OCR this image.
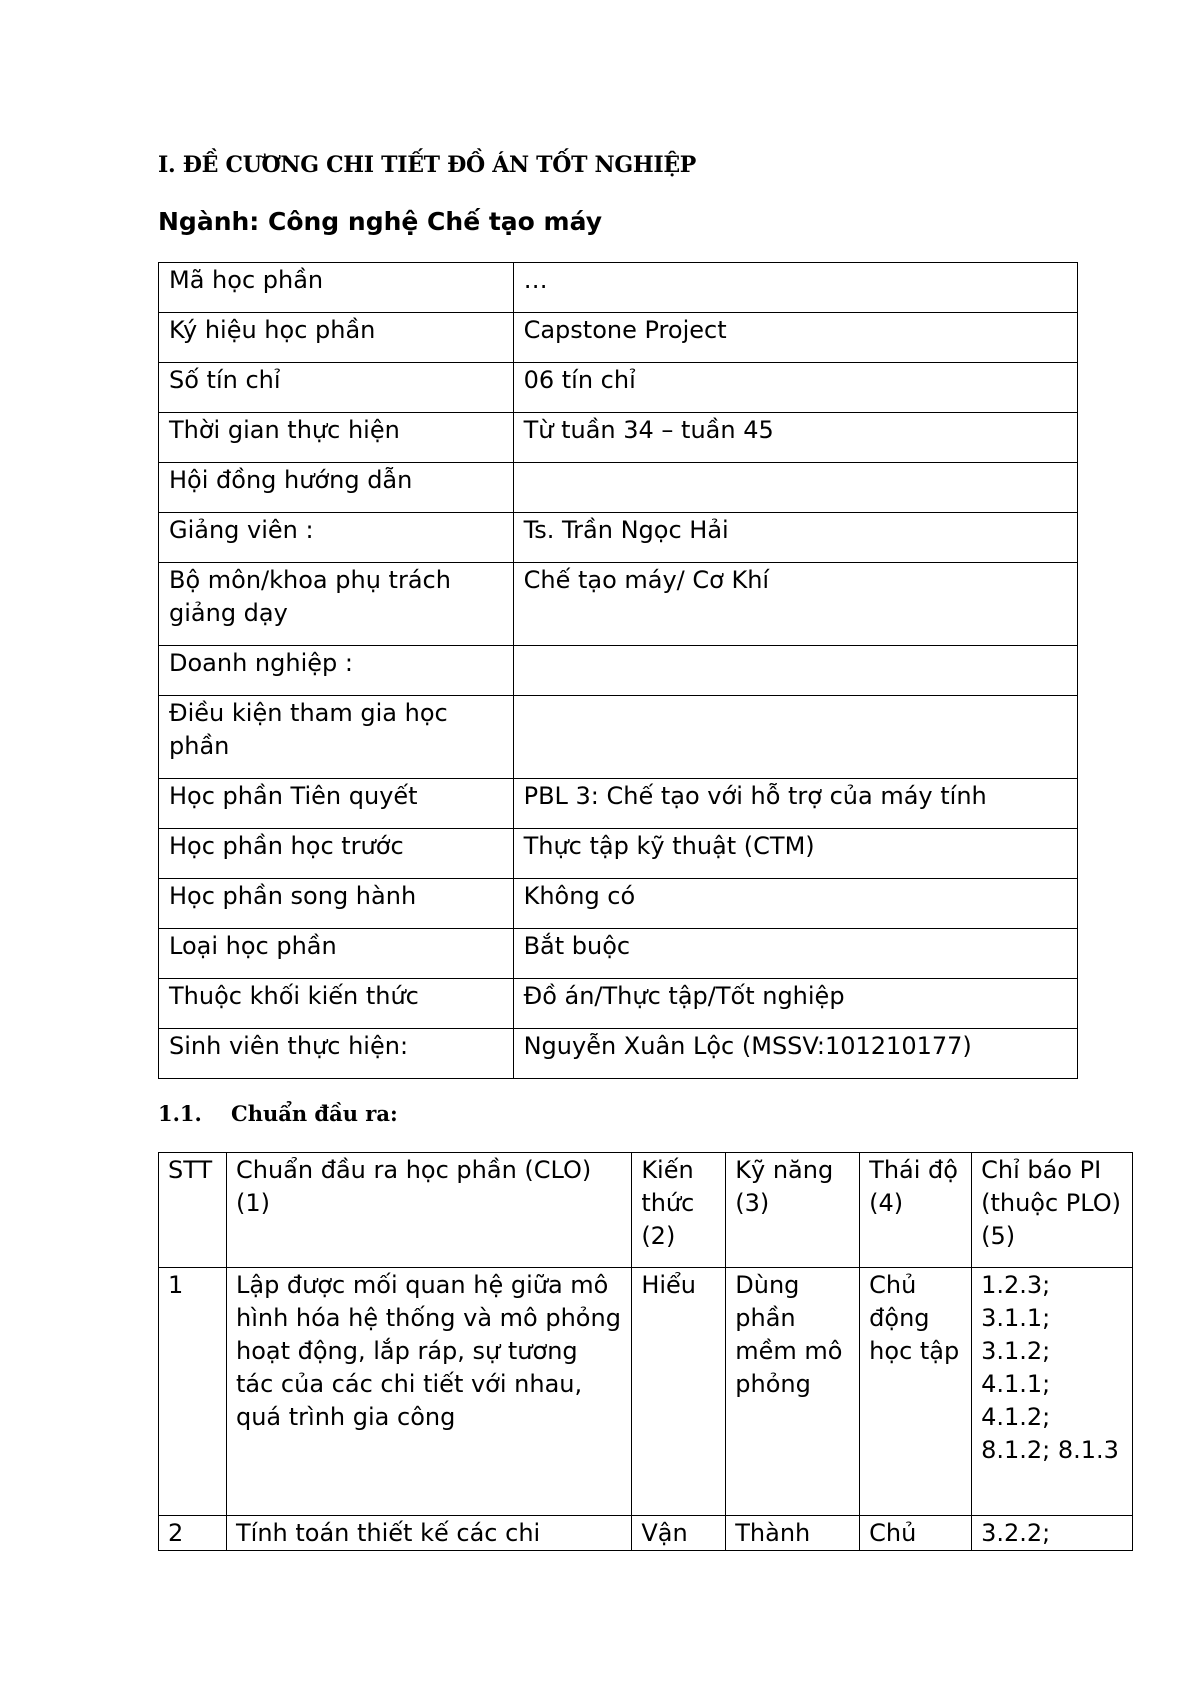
I. ĐỀ CƯƠNG CHI TIẾT ĐỒ ÁN TỐT NGHIỆP
Ngành: Công nghệ Chế tạo máy
Mã học phần	…
Ký hiệu học phần	Capstone Project
Số tín chỉ	06 tín chỉ
Thời gian thực hiện	Từ tuần 34 – tuần 45
Hội đồng hướng dẫn	
Giảng viên :	Ts. Trần Ngọc Hải
Bộ môn/khoa phụ trách giảng dạy	Chế tạo máy/ Cơ Khí
Doanh nghiệp :	
Điều kiện tham gia học phần	
Học phần Tiên quyết	PBL 3: Chế tạo với hỗ trợ của máy tính
Học phần học trước	Thực tập kỹ thuật (CTM)
Học phần song hành	Không có
Loại học phần	Bắt buộc
Thuộc khối kiến thức	Đồ án/Thực tập/Tốt nghiệp
Sinh viên thực hiện:	Nguyễn Xuân Lộc (MSSV:101210177)
1.1. Chuẩn đầu ra:
STT	Chuẩn đầu ra học phần (CLO) (1)	Kiến thức (2)	Kỹ năng (3)	Thái độ (4)	Chỉ báo PI (thuộc PLO) (5)
1	Lập được mối quan hệ giữa mô hình hóa hệ thống và mô phỏng hoạt động, lắp ráp, sự tương tác của các chi tiết với nhau, quá trình gia công	Hiểu	Dùng phần mềm mô phỏng	Chủ động học tập	1.2.3; 3.1.1; 3.1.2; 4.1.1; 4.1.2; 8.1.2; 8.1.3
2	Tính toán thiết kế các chi	Vận	Thành	Chủ	3.2.2;
